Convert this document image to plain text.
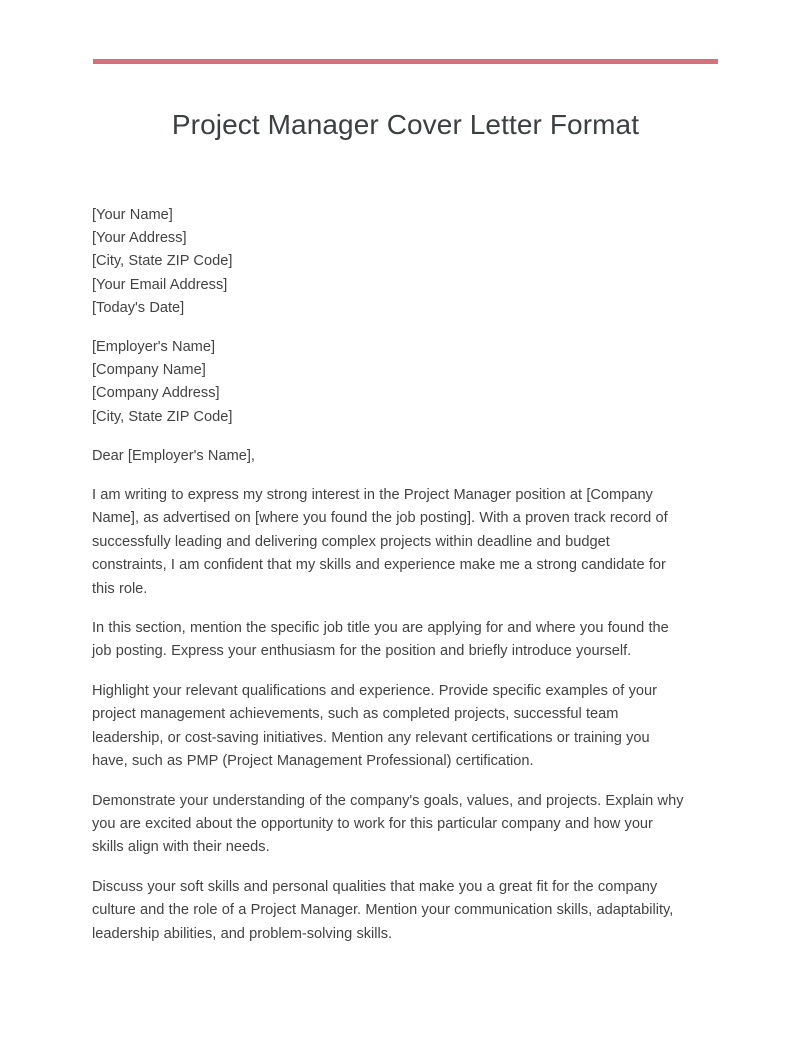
Project Manager Cover Letter Format

[Your Name]

[Your Address]

[City, State ZIP Code]

[Your Email Address]

[Today's Date]

[Employer's Name]

[Company Name]

[Company Address]

[City, State ZIP Code]

Dear [Employer's Name],

I am writing to express my strong interest in the Project Manager position at [Company Name], as advertised on [where you found the job posting]. With a proven track record of successfully leading and delivering complex projects within deadline and budget constraints, I am confident that my skills and experience make me a strong candidate for this role.

In this section, mention the specific job title you are applying for and where you found the job posting. Express your enthusiasm for the position and briefly introduce yourself.

Highlight your relevant qualifications and experience. Provide specific examples of your project management achievements, such as completed projects, successful team leadership, or cost-saving initiatives. Mention any relevant certifications or training you have, such as PMP (Project Management Professional) certification.

Demonstrate your understanding of the company's goals, values, and projects. Explain why you are excited about the opportunity to work for this particular company and how your skills align with their needs.

Discuss your soft skills and personal qualities that make you a great fit for the company culture and the role of a Project Manager. Mention your communication skills, adaptability, leadership abilities, and problem-solving skills.
